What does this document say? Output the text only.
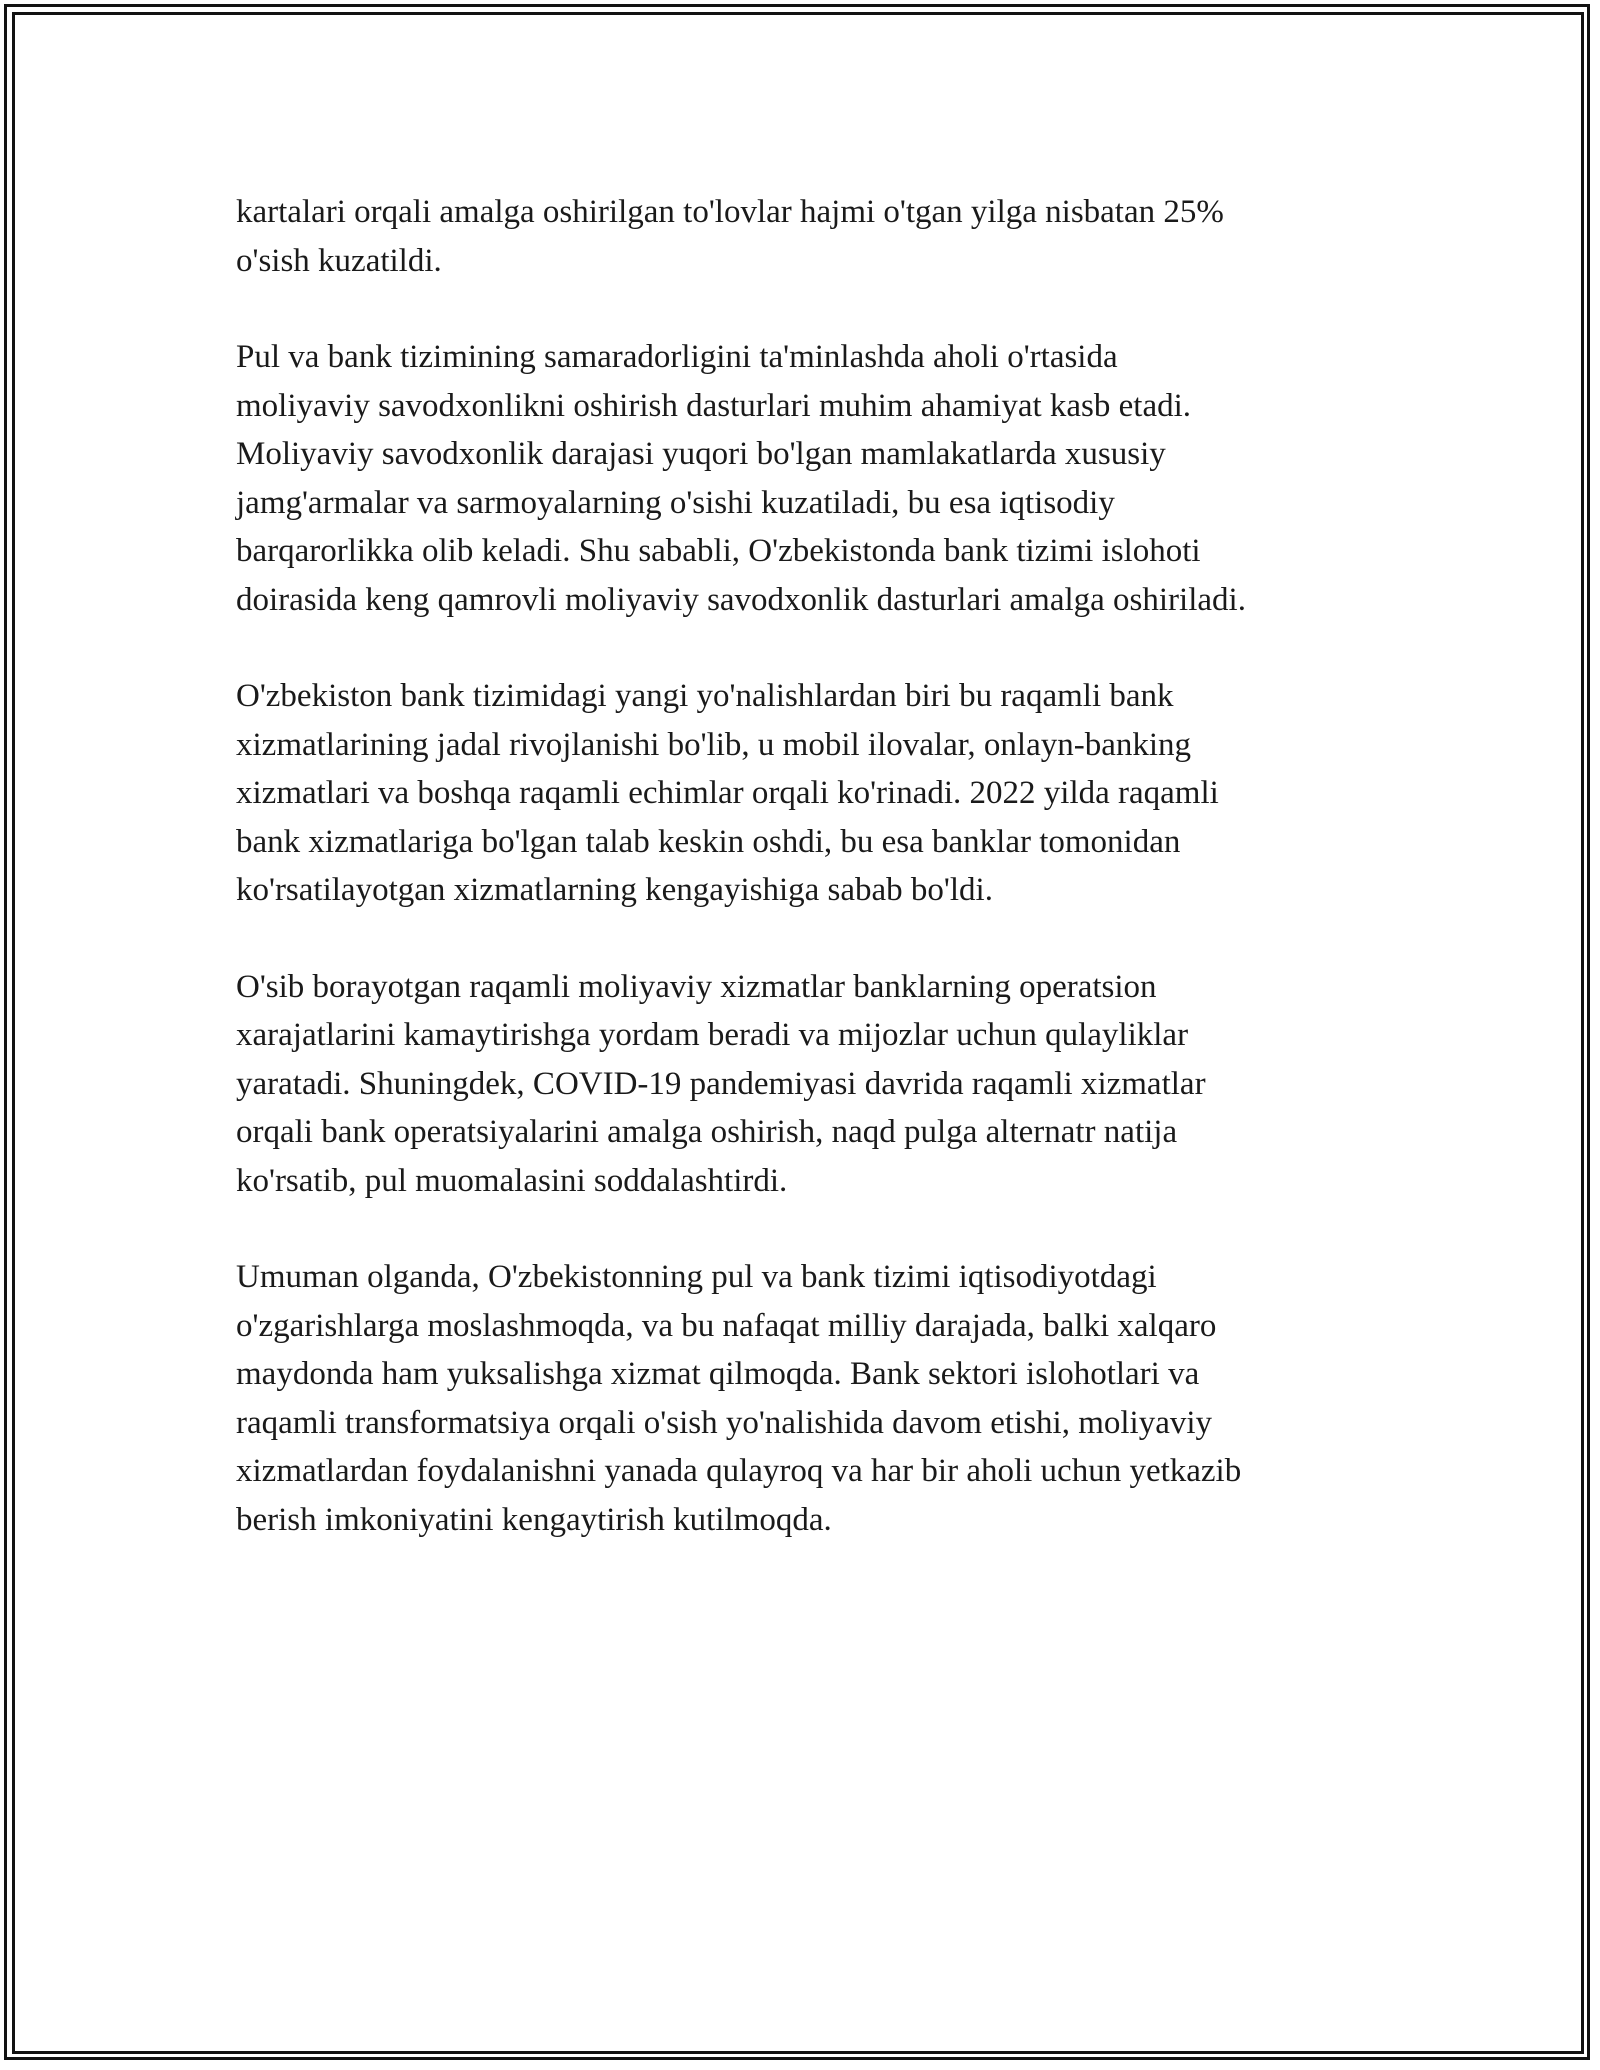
kartalari orqali amalga oshirilgan to'lovlar hajmi o'tgan yilga nisbatan 25%
o'sish kuzatildi.

Pul va bank tizimining samaradorligini ta'minlashda aholi o'rtasida
moliyaviy savodxonlikni oshirish dasturlari muhim ahamiyat kasb etadi.
Moliyaviy savodxonlik darajasi yuqori bo'lgan mamlakatlarda xususiy
jamg'armalar va sarmoyalarning o'sishi kuzatiladi, bu esa iqtisodiy
barqarorlikka olib keladi. Shu sababli, O'zbekistonda bank tizimi islohoti
doirasida keng qamrovli moliyaviy savodxonlik dasturlari amalga oshiriladi.

O'zbekiston bank tizimidagi yangi yo'nalishlardan biri bu raqamli bank
xizmatlarining jadal rivojlanishi bo'lib, u mobil ilovalar, onlayn-banking
xizmatlari va boshqa raqamli echimlar orqali ko'rinadi. 2022 yilda raqamli
bank xizmatlariga bo'lgan talab keskin oshdi, bu esa banklar tomonidan
ko'rsatilayotgan xizmatlarning kengayishiga sabab bo'ldi.

O'sib borayotgan raqamli moliyaviy xizmatlar banklarning operatsion
xarajatlarini kamaytirishga yordam beradi va mijozlar uchun qulayliklar
yaratadi. Shuningdek, COVID-19 pandemiyasi davrida raqamli xizmatlar
orqali bank operatsiyalarini amalga oshirish, naqd pulga alternatr natija
ko'rsatib, pul muomalasini soddalashtirdi.

Umuman olganda, O'zbekistonning pul va bank tizimi iqtisodiyotdagi
o'zgarishlarga moslashmoqda, va bu nafaqat milliy darajada, balki xalqaro
maydonda ham yuksalishga xizmat qilmoqda. Bank sektori islohotlari va
raqamli transformatsiya orqali o'sish yo'nalishida davom etishi, moliyaviy
xizmatlardan foydalanishni yanada qulayroq va har bir aholi uchun yetkazib
berish imkoniyatini kengaytirish kutilmoqda.
